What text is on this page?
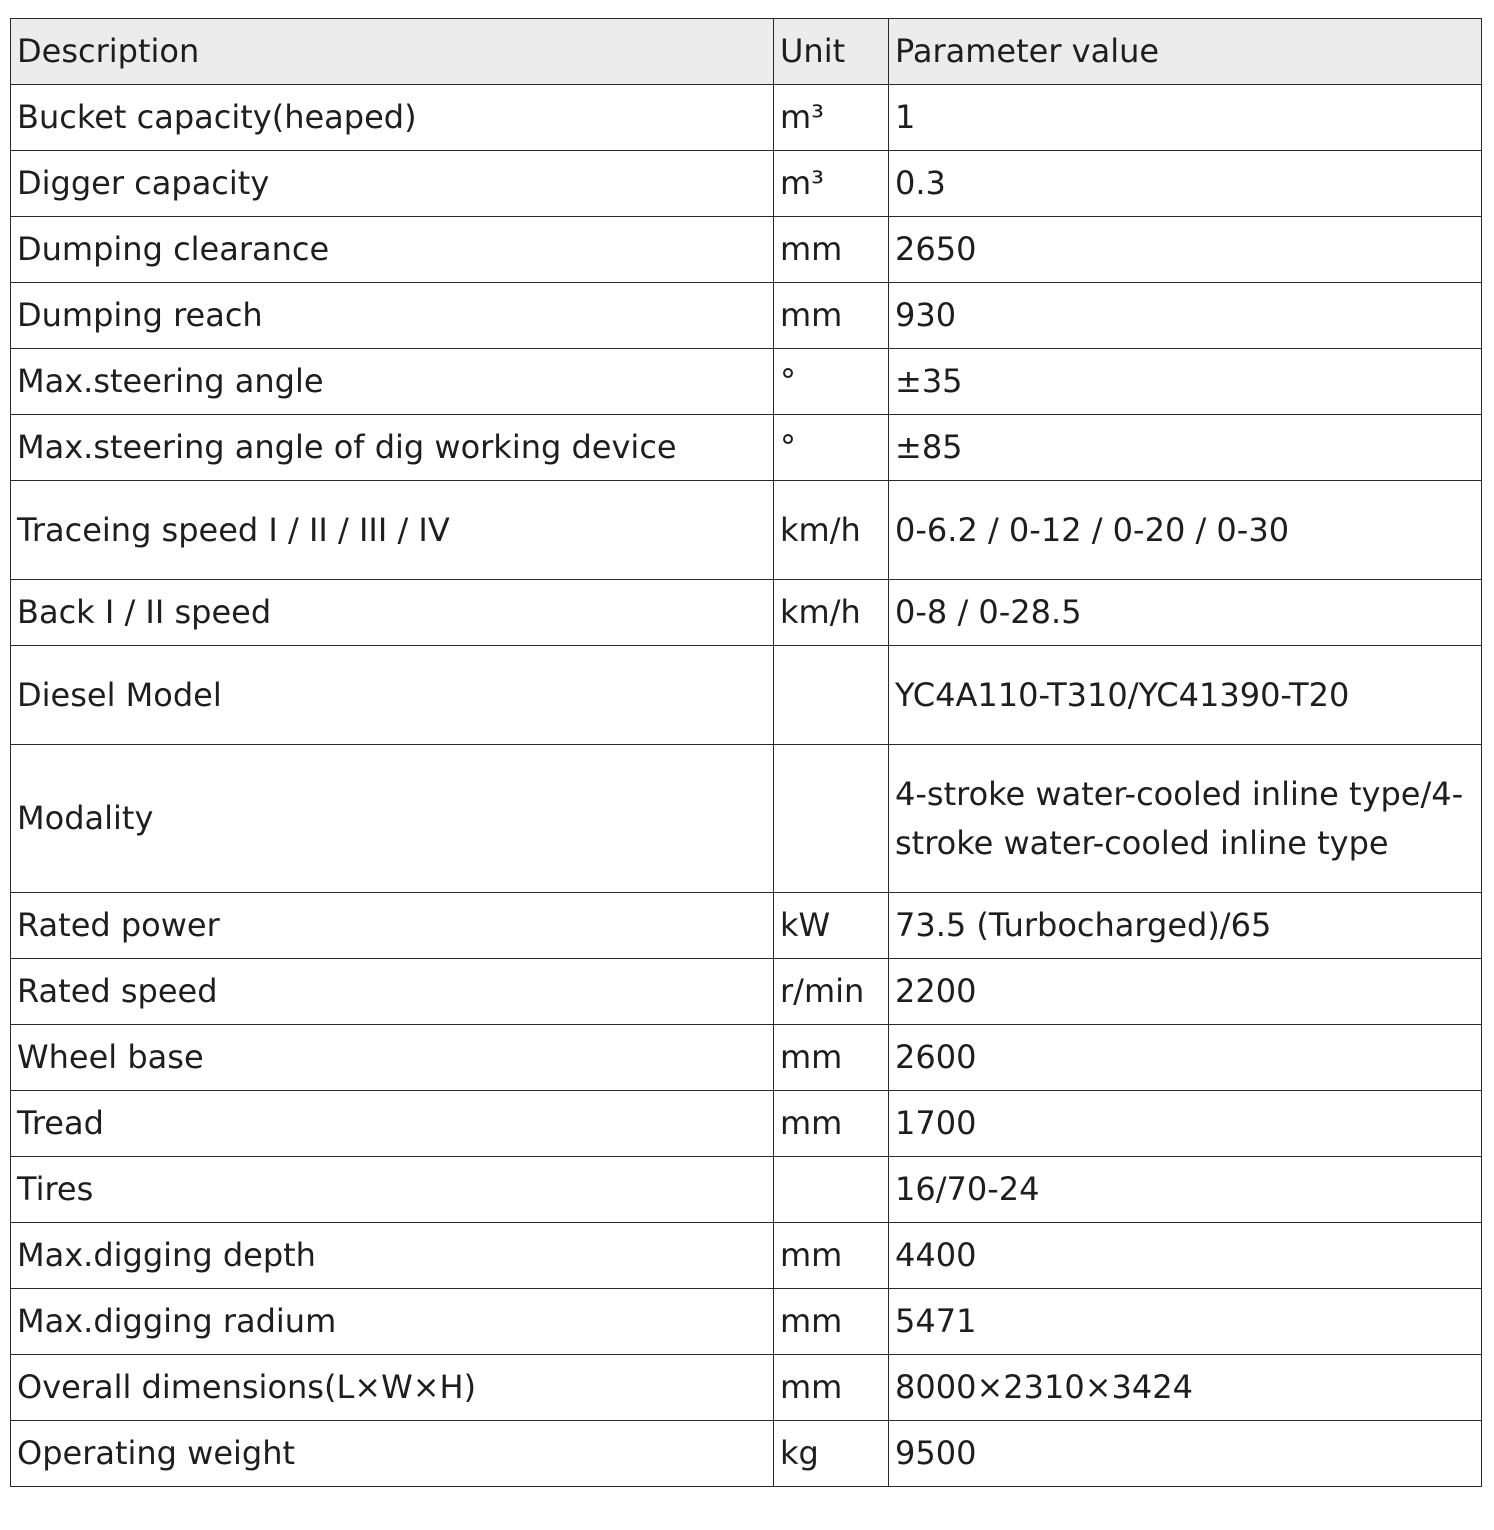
Description	Unit	Parameter value
Bucket capacity(heaped)	m³	1
Digger capacity	m³	0.3
Dumping clearance	mm	2650
Dumping reach	mm	930
Max.steering angle	°	±35
Max.steering angle of dig working device	°	±85
Traceing speed I / II / III / IV	km/h	0-6.2 / 0-12 / 0-20 / 0-30
Back I / II speed	km/h	0-8 / 0-28.5
Diesel Model		YC4A110-T310/YC41390-T20
Modality		4-stroke water-cooled inline type/4-stroke water-cooled inline type
Rated power	kW	73.5 (Turbocharged)/65
Rated speed	r/min	2200
Wheel base	mm	2600
Tread	mm	1700
Tires		16/70-24
Max.digging depth	mm	4400
Max.digging radium	mm	5471
Overall dimensions(L×W×H)	mm	8000×2310×3424
Operating weight	kg	9500
